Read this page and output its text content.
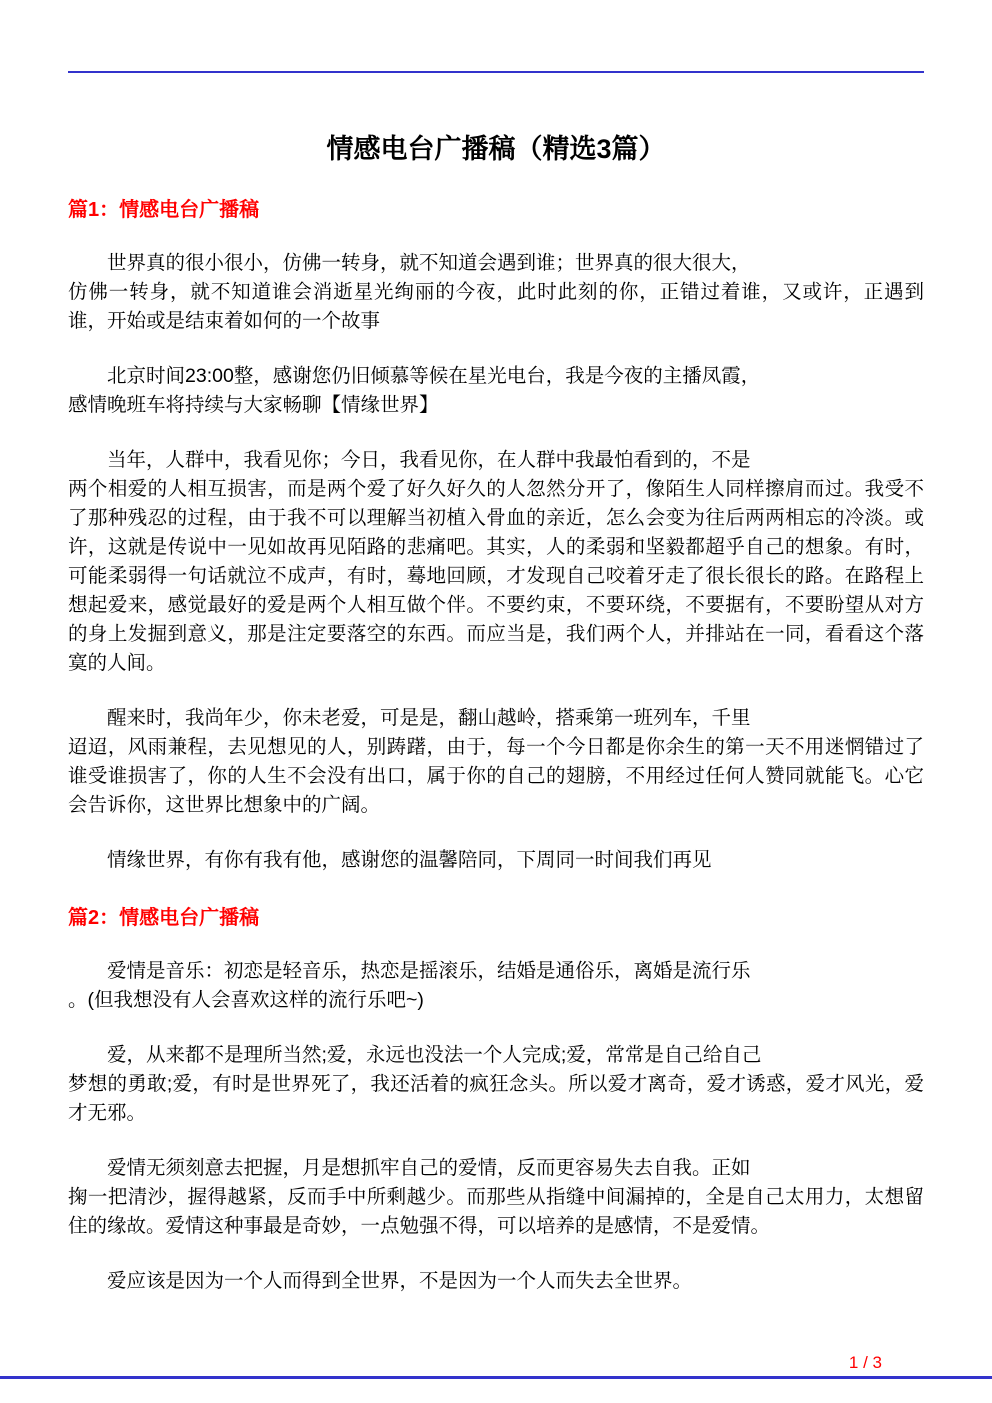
情感电台广播稿（精选3篇）
篇1：情感电台广播稿

世界真的很小很小，仿佛一转身，就不知道会遇到谁；世界真的很大很大，
仿佛一转身，就不知道谁会消逝星光绚丽的今夜，此时此刻的你，正错过着谁，又或许，正遇到谁，开始或是结束着如何的一个故事

北京时间23:00整，感谢您仍旧倾慕等候在星光电台，我是今夜的主播凤霞，
感情晚班车将持续与大家畅聊【情缘世界】

当年，人群中，我看见你；今日，我看见你，在人群中我最怕看到的，不是
两个相爱的人相互损害，而是两个爱了好久好久的人忽然分开了，像陌生人同样擦肩而过。我受不了那种残忍的过程，由于我不可以理解当初植入骨血的亲近，怎么会变为往后两两相忘的冷淡。或许，这就是传说中一见如故再见陌路的悲痛吧。其实，人的柔弱和坚毅都超乎自己的想象。有时，可能柔弱得一句话就泣不成声，有时，蓦地回顾，才发现自己咬着牙走了很长很长的路。在路程上想起爱来，感觉最好的爱是两个人相互做个伴。不要约束，不要环绕，不要据有，不要盼望从对方的身上发掘到意义，那是注定要落空的东西。而应当是，我们两个人，并排站在一同，看看这个落寞的人间。

醒来时，我尚年少，你未老爱，可是是，翻山越岭，搭乘第一班列车，千里
迢迢，风雨兼程，去见想见的人，别踌躇，由于，每一个今日都是你余生的第一天不用迷惘错过了谁受谁损害了，你的人生不会没有出口，属于你的自己的翅膀，不用经过任何人赞同就能飞。心它会告诉你，这世界比想象中的广阔。

情缘世界，有你有我有他，感谢您的温馨陪同，下周同一时间我们再见

篇2：情感电台广播稿

爱情是音乐：初恋是轻音乐，热恋是摇滚乐，结婚是通俗乐，离婚是流行乐
。(但我想没有人会喜欢这样的流行乐吧~)

爱，从来都不是理所当然;爱，永远也没法一个人完成;爱，常常是自己给自己
梦想的勇敢;爱，有时是世界死了，我还活着的疯狂念头。所以爱才离奇，爱才诱惑，爱才风光，爱才无邪。

爱情无须刻意去把握，月是想抓牢自己的爱情，反而更容易失去自我。正如
掬一把清沙，握得越紧，反而手中所剩越少。而那些从指缝中间漏掉的，全是自己太用力，太想留住的缘故。爱情这种事最是奇妙，一点勉强不得，可以培养的是感情，不是爱情。

爱应该是因为一个人而得到全世界，不是因为一个人而失去全世界。

1 / 3
